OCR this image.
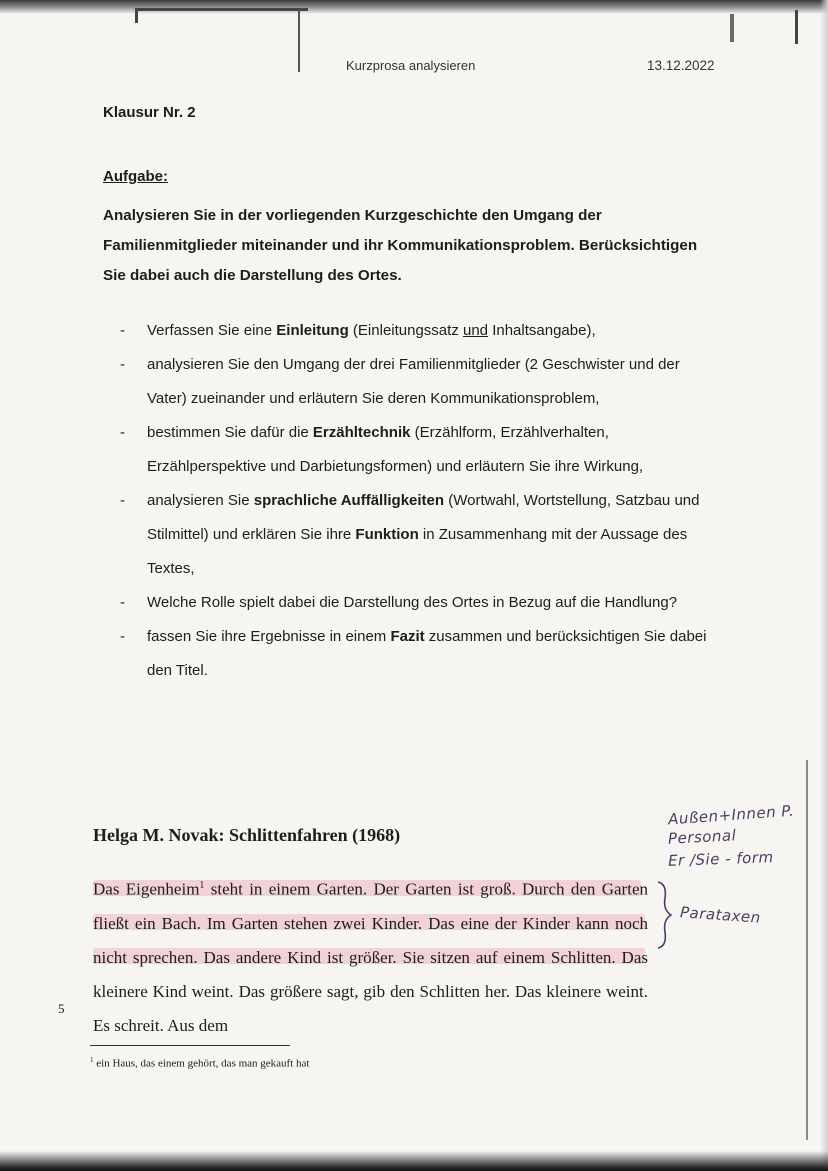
Kurzprosa analysieren	13.12.2022
Klausur Nr. 2
Aufgabe:
Analysieren Sie in der vorliegenden Kurzgeschichte den Umgang der Familienmitglieder miteinander und ihr Kommunikationsproblem. Berücksichtigen Sie dabei auch die Darstellung des Ortes.
-	Verfassen Sie eine Einleitung (Einleitungssatz und Inhaltsangabe),
-	analysieren Sie den Umgang der drei Familienmitglieder (2 Geschwister und der Vater) zueinander und erläutern Sie deren Kommunikationsproblem,
-	bestimmen Sie dafür die Erzähltechnik (Erzählform, Erzählverhalten, Erzählperspektive und Darbietungsformen) und erläutern Sie ihre Wirkung,
-	analysieren Sie sprachliche Auffälligkeiten (Wortwahl, Wortstellung, Satzbau und Stilmittel) und erklären Sie ihre Funktion in Zusammenhang mit der Aussage des Textes,
-	Welche Rolle spielt dabei die Darstellung des Ortes in Bezug auf die Handlung?
-	fassen Sie ihre Ergebnisse in einem Fazit zusammen und berücksichtigen Sie dabei den Titel.
Helga M. Novak: Schlittenfahren (1968)
Das Eigenheim$^1$ steht in einem Garten. Der Garten ist groß. Durch den Garten fließt ein Bach. Im Garten stehen zwei Kinder. Das eine der Kinder kann noch nicht sprechen. Das andere Kind ist größer. Sie sitzen auf einem Schlitten. Das kleinere Kind weint. Das größere sagt, gib den Schlitten her. Das kleinere weint. Es schreit. Aus dem
5
$^1$ ein Haus, das einem gehört, das man gekauft hat
Außen+Innen P.
Personal
Er /Sie - form
Parataxen
